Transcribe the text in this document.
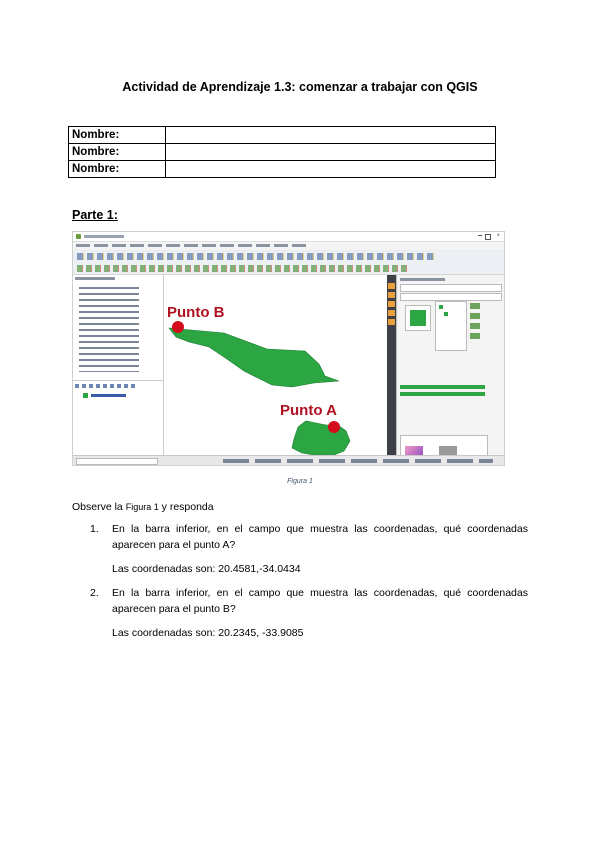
Actividad de Aprendizaje 1.3: comenzar a trabajar con QGIS
Nombre:	
Nombre:	
Nombre:	
Parte 1:
×
Punto B
Punto A
Figura 1
Observe la Figura 1 y responda
1. En la barra inferior, en el campo que muestra las coordenadas, qué coordenadas aparecen para el punto A?
Las coordenadas son: 20.4581,-34.0434
2. En la barra inferior, en el campo que muestra las coordenadas, qué coordenadas aparecen para el punto B?
Las coordenadas son: 20.2345, -33.9085
